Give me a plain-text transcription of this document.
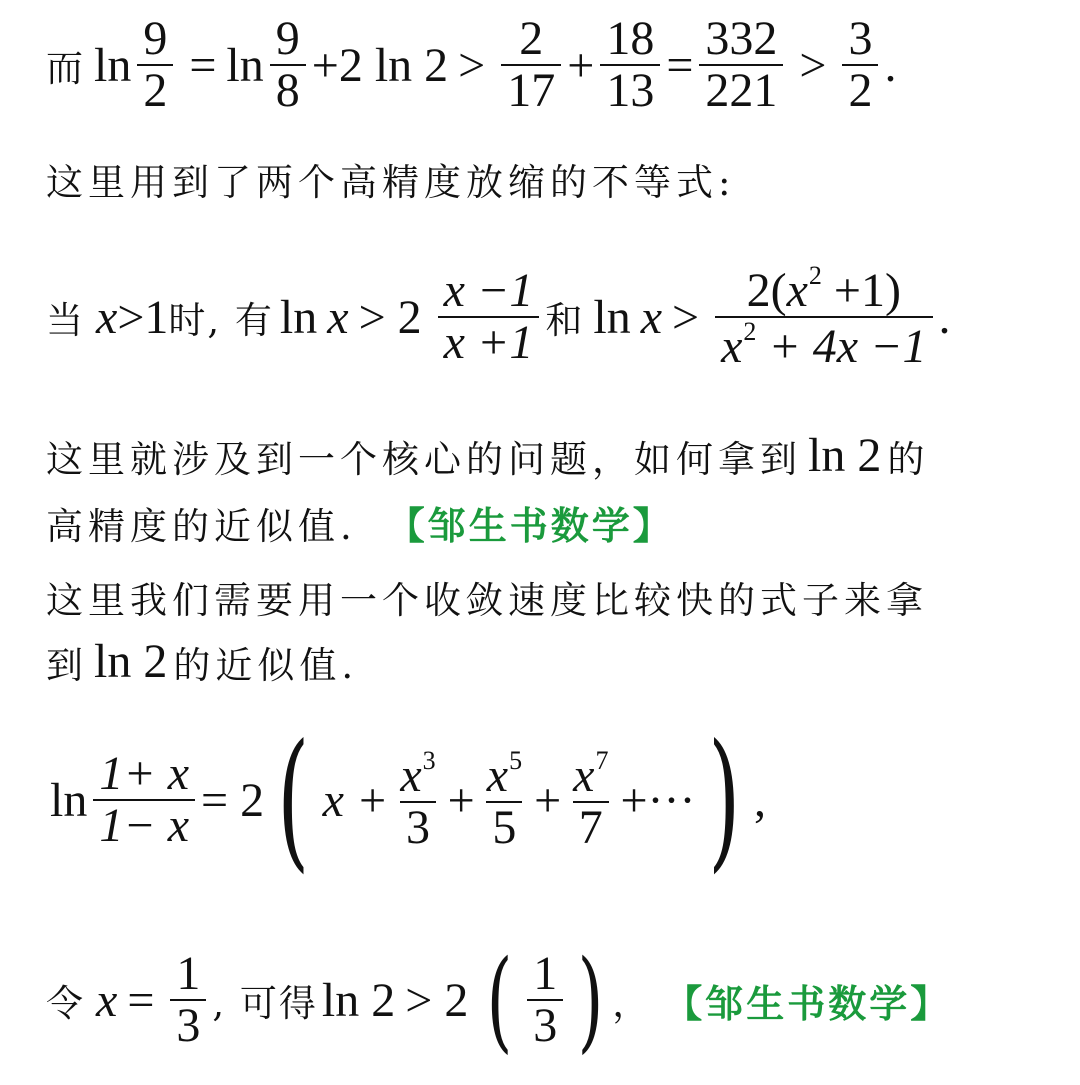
而 $\ln \frac{9}{2} = \ln \frac{9}{8} +2$ $\ln 2 > \frac{2}{17} + \frac{18}{13} = \frac{332}{221} > \frac{3}{2}$ .
这里用到了两个高精度放缩的不等式:
当 x >1 时, 有 $\ln x > 2 \frac{x -1}{x +1}$ 和 $\ln x > \frac{2(x^2 +1)}{x^2 + 4x -1}$ .
这里就涉及到一个核心的问题，如何拿到 ln 2 的
高精度的近似值. 【邹生书数学】
这里我们需要用一个收敛速度比较快的式子来拿
到 ln 2 的近似值.
$\ln \frac{1+ x}{1- x} = 2$ ( $x + \frac{x^3}{3} + \frac{x^5}{5} + \frac{x^7}{7}$ +··· ) ,
令 $x = \frac{1}{3}$ , 可得 ln 2 > 2 ( $\frac{1}{3}$ ) ， 【邹生书数学】
